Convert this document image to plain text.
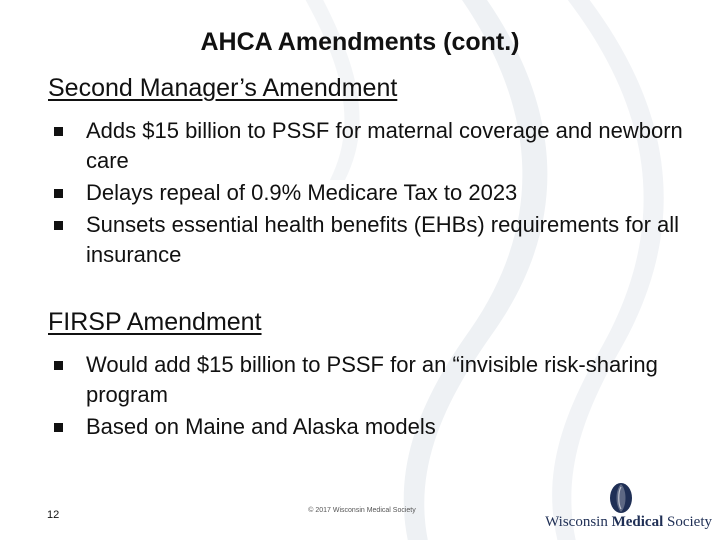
AHCA Amendments (cont.)
Second Manager’s Amendment
Adds $15 billion to PSSF for maternal coverage and newborn care
Delays repeal of 0.9% Medicare Tax to 2023
Sunsets essential health benefits (EHBs) requirements for all insurance
FIRSP Amendment
Would add $15 billion to PSSF for an “invisible risk-sharing program
Based on Maine and Alaska models
12	© 2017 Wisconsin Medical Society
Wisconsin Medical Society
